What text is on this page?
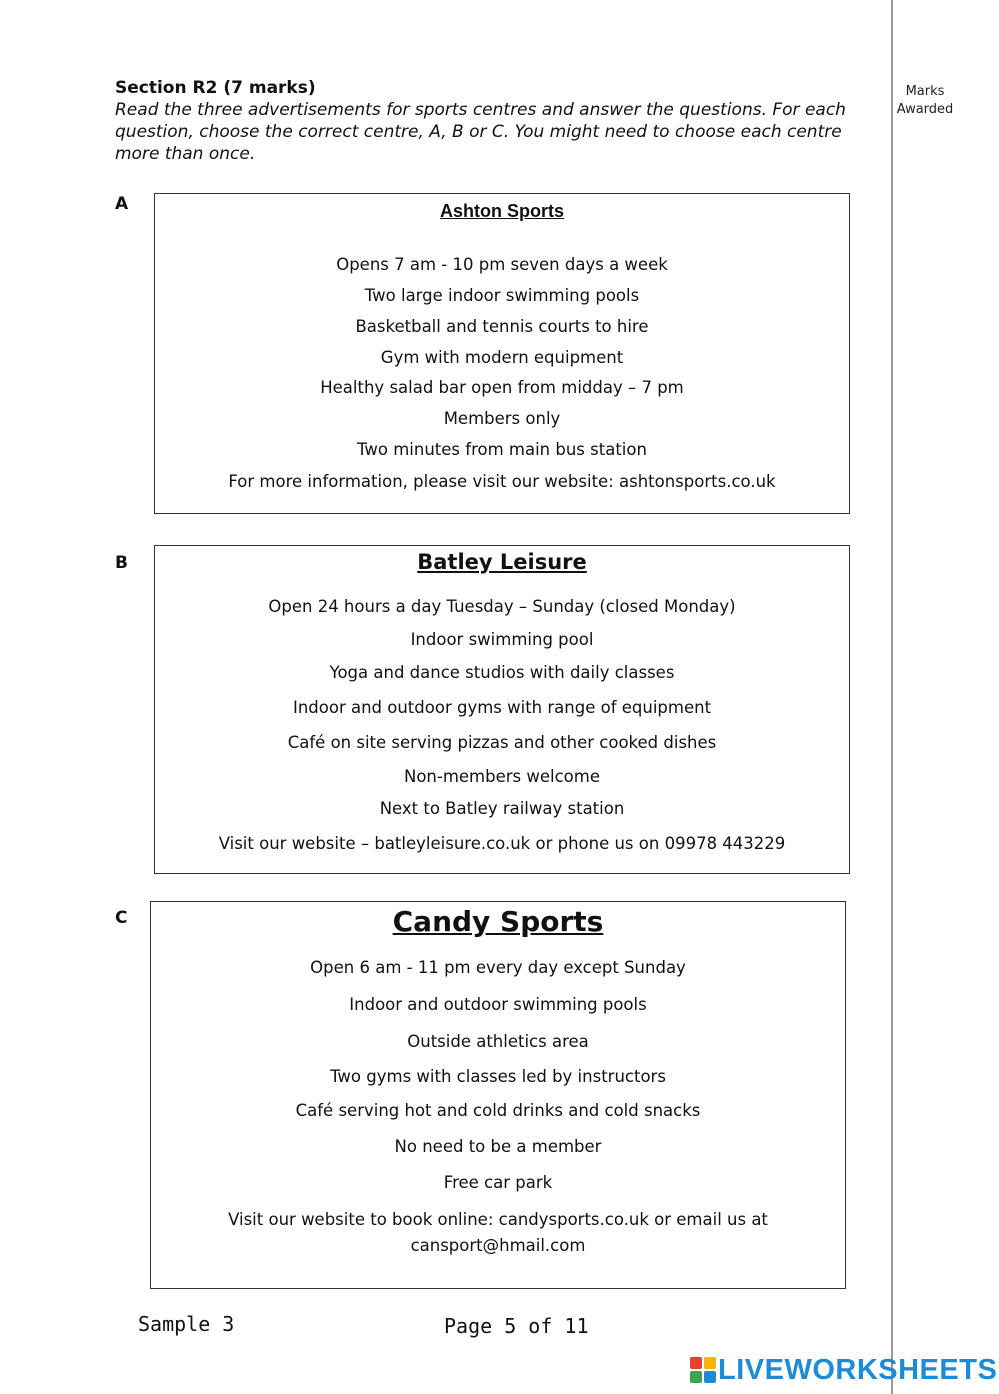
Marks Awarded
Section R2 (7 marks)
Read the three advertisements for sports centres and answer the questions. For each question, choose the correct centre, A, B or C. You might need to choose each centre more than once.
A	Ashton Sports
Opens 7 am - 10 pm seven days a week
Two large indoor swimming pools
Basketball and tennis courts to hire
Gym with modern equipment
Healthy salad bar open from midday – 7 pm
Members only
Two minutes from main bus station
For more information, please visit our website: ashtonsports.co.uk
B	Batley Leisure
Open 24 hours a day Tuesday – Sunday (closed Monday)
Indoor swimming pool
Yoga and dance studios with daily classes
Indoor and outdoor gyms with range of equipment
Café on site serving pizzas and other cooked dishes
Non-members welcome
Next to Batley railway station
Visit our website – batleyleisure.co.uk or phone us on 09978 443229
C	Candy Sports
Open 6 am - 11 pm every day except Sunday
Indoor and outdoor swimming pools
Outside athletics area
Two gyms with classes led by instructors
Café serving hot and cold drinks and cold snacks
No need to be a member
Free car park
Visit our website to book online: candysports.co.uk or email us at
cansport@hmail.com
Sample 3	Page 5 of 11
LIVEWORKSHEETS
